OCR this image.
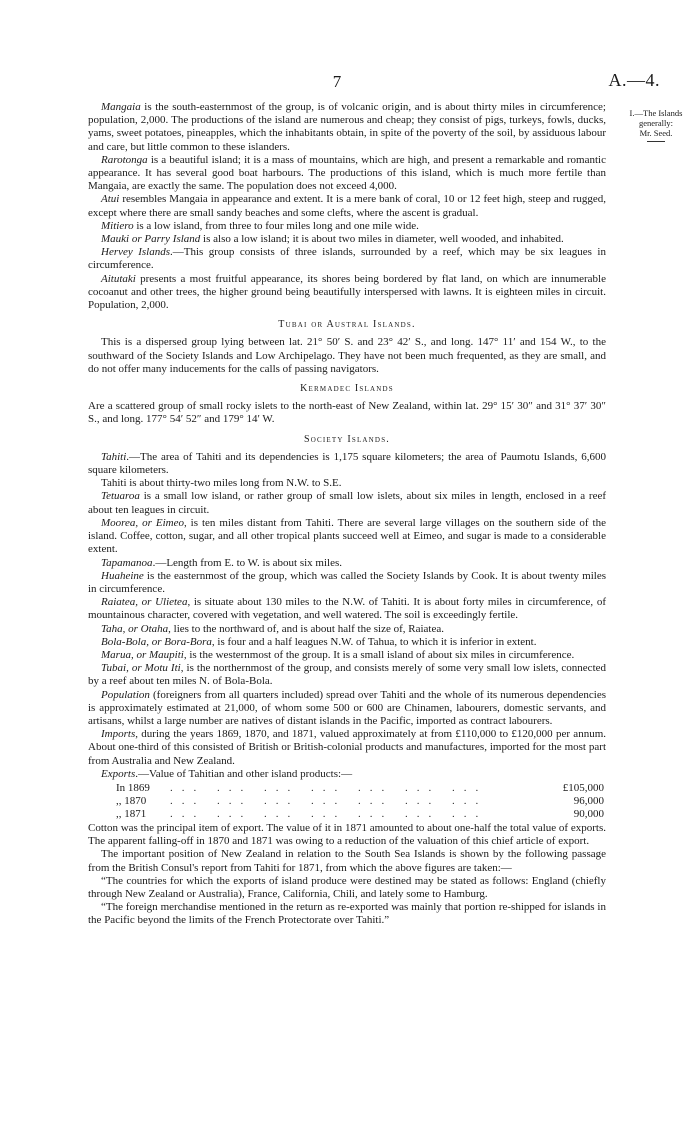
7	A.—4.
I.—The Islands
generally:
Mr. Seed.

Mangaia is the south-easternmost of the group, is of volcanic origin, and is about thirty miles in circumference; population, 2,000. The productions of the island are numerous and cheap; they consist of pigs, turkeys, fowls, ducks, yams, sweet potatoes, pineapples, which the inhabitants obtain, in spite of the poverty of the soil, by assiduous labour and care, but little common to these islanders.

Rarotonga is a beautiful island; it is a mass of mountains, which are high, and present a remarkable and romantic appearance. It has several good boat harbours. The productions of this island, which is much more fertile than Mangaia, are exactly the same. The population does not exceed 4,000.

Atui resembles Mangaia in appearance and extent. It is a mere bank of coral, 10 or 12 feet high, steep and rugged, except where there are small sandy beaches and some clefts, where the ascent is gradual.

Mitiero is a low island, from three to four miles long and one mile wide.

Mauki or Parry Island is also a low island; it is about two miles in diameter, well wooded, and inhabited.

Hervey Islands.—This group consists of three islands, surrounded by a reef, which may be six leagues in circumference.

Aitutaki presents a most fruitful appearance, its shores being bordered by flat land, on which are innumerable cocoanut and other trees, the higher ground being beautifully interspersed with lawns. It is eighteen miles in circuit. Population, 2,000.

Tubai or Austral Islands.

This is a dispersed group lying between lat. 21° 50′ S. and 23° 42′ S., and long. 147° 11′ and 154 W., to the southward of the Society Islands and Low Archipelago. They have not been much frequented, as they are small, and do not offer many inducements for the calls of passing navigators.

Kermadec Islands

Are a scattered group of small rocky islets to the north-east of New Zealand, within lat. 29° 15′ 30″ and 31° 37′ 30″ S., and long. 177° 54′ 52″ and 179° 14′ W.

Society Islands.

Tahiti.—The area of Tahiti and its dependencies is 1,175 square kilometers; the area of Paumotu Islands, 6,600 square kilometers.

Tahiti is about thirty-two miles long from N.W. to S.E.

Tetuaroa is a small low island, or rather group of small low islets, about six miles in length, enclosed in a reef about ten leagues in circuit.

Moorea, or Eimeo, is ten miles distant from Tahiti. There are several large villages on the southern side of the island. Coffee, cotton, sugar, and all other tropical plants succeed well at Eimeo, and sugar is made to a considerable extent.

Tapamanoa.—Length from E. to W. is about six miles.

Huaheine is the easternmost of the group, which was called the Society Islands by Cook. It is about twenty miles in circumference.

Raiatea, or Ulietea, is situate about 130 miles to the N.W. of Tahiti. It is about forty miles in circumference, of mountainous character, covered with vegetation, and well watered. The soil is exceedingly fertile.

Taha, or Otaha, lies to the northward of, and is about half the size of, Raiatea.

Bola-Bola, or Bora-Bora, is four and a half leagues N.W. of Tahua, to which it is inferior in extent.

Marua, or Maupiti, is the westernmost of the group. It is a small island of about six miles in circumference.

Tubai, or Motu Iti, is the northernmost of the group, and consists merely of some very small low islets, connected by a reef about ten miles N. of Bola-Bola.

Population (foreigners from all quarters included) spread over Tahiti and the whole of its numerous dependencies is approximately estimated at 21,000, of whom some 500 or 600 are Chinamen, labourers, domestic servants, and artisans, whilst a large number are natives of distant islands in the Pacific, imported as contract labourers.

Imports, during the years 1869, 1870, and 1871, valued approximately at from £110,000 to £120,000 per annum. About one-third of this consisted of British or British-colonial products and manufactures, imported for the most part from Australia and New Zealand.

Exports.—Value of Tahitian and other island products:—

In 1869	... ... ... ... ... ... ...	£105,000
,, 1870	... ... ... ... ... ... ...	96,000
,, 1871	... ... ... ... ... ... ...	90,000

Cotton was the principal item of export. The value of it in 1871 amounted to about one-half the total value of exports. The apparent falling-off in 1870 and 1871 was owing to a reduction of the valuation of this chief article of export.

The important position of New Zealand in relation to the South Sea Islands is shown by the following passage from the British Consul's report from Tahiti for 1871, from which the above figures are taken:—

“The countries for which the exports of island produce were destined may be stated as follows: England (chiefly through New Zealand or Australia), France, California, Chili, and lately some to Hamburg.

“The foreign merchandise mentioned in the return as re-exported was mainly that portion re-shipped for islands in the Pacific beyond the limits of the French Protectorate over Tahiti.”
